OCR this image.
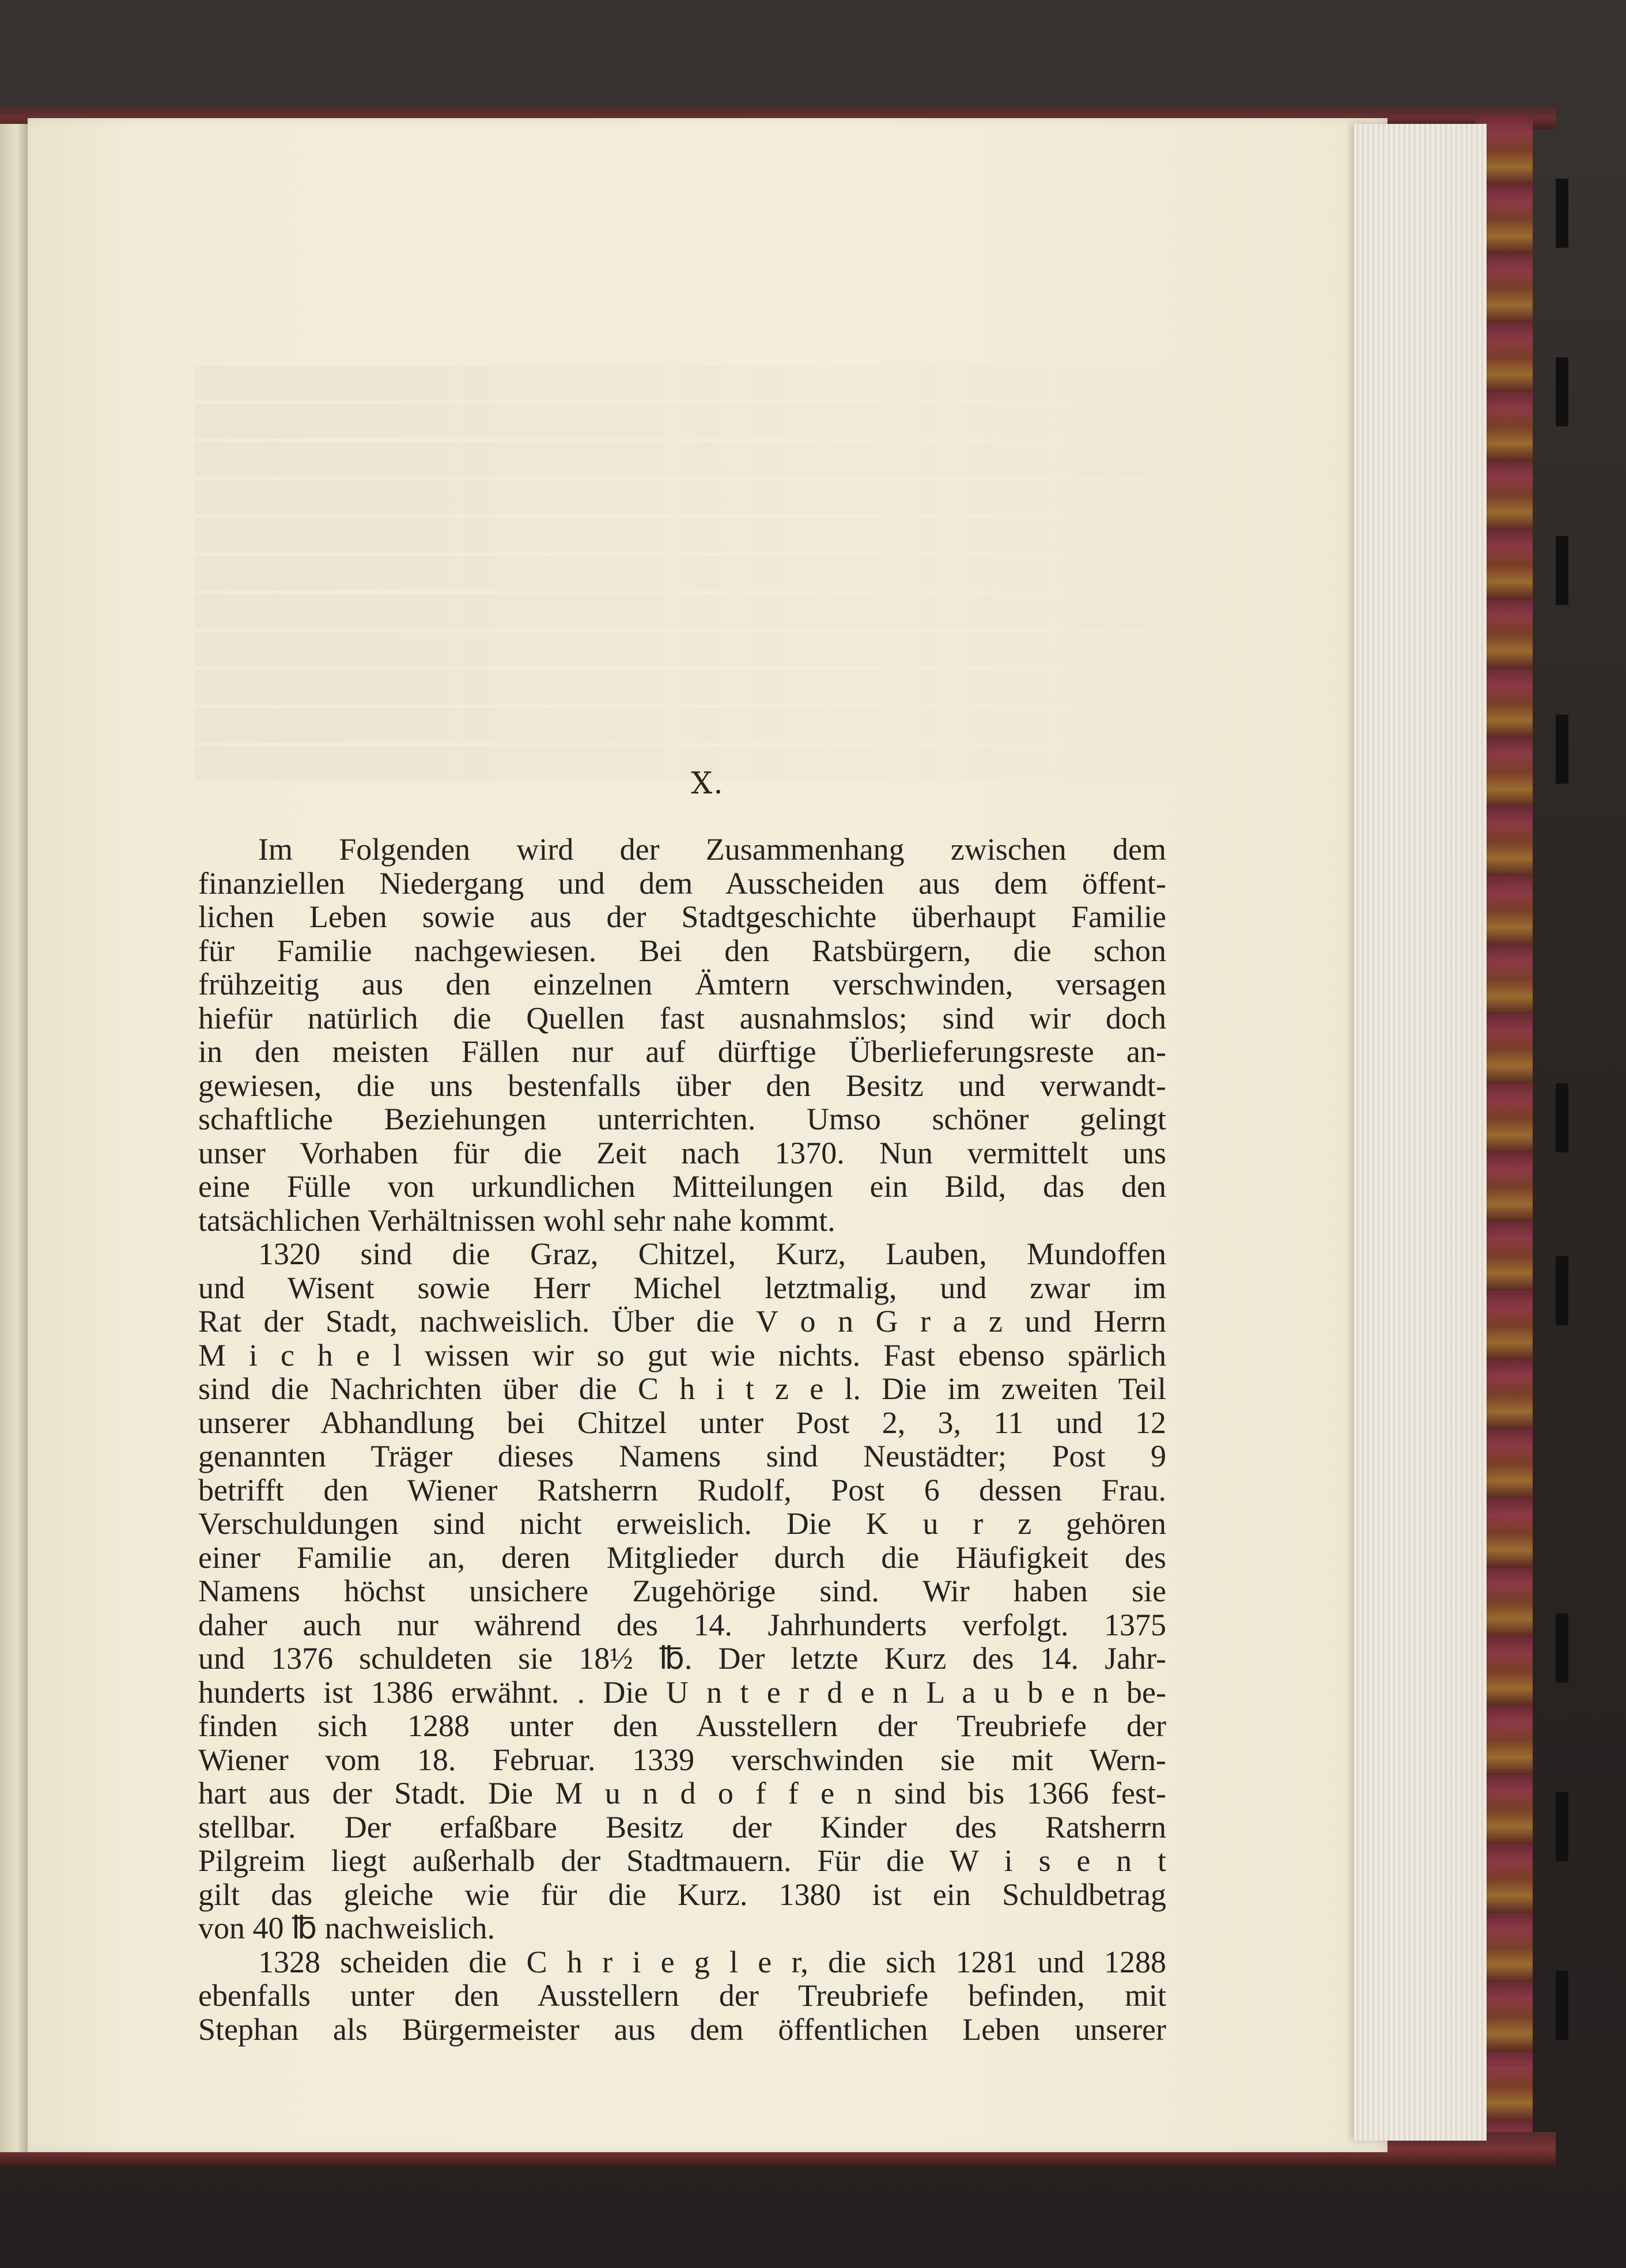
X.
Im Folgenden wird der Zusammenhang zwischen dem
finanziellen Niedergang und dem Ausscheiden aus dem öffent-
lichen Leben sowie aus der Stadtgeschichte überhaupt Familie
für Familie nachgewiesen. Bei den Ratsbürgern, die schon
frühzeitig aus den einzelnen Ämtern verschwinden, versagen
hiefür natürlich die Quellen fast ausnahmslos; sind wir doch
in den meisten Fällen nur auf dürftige Überlieferungsreste an-
gewiesen, die uns bestenfalls über den Besitz und verwandt-
schaftliche Beziehungen unterrichten. Umso schöner gelingt
unser Vorhaben für die Zeit nach 1370. Nun vermittelt uns
eine Fülle von urkundlichen Mitteilungen ein Bild, das den
tatsächlichen Verhältnissen wohl sehr nahe kommt.
1320 sind die Graz, Chitzel, Kurz, Lauben, Mundoffen
und Wisent sowie Herr Michel letztmalig, und zwar im
Rat der Stadt, nachweislich. Über die V o n G r a z und Herrn
M i c h e l wissen wir so gut wie nichts. Fast ebenso spärlich
sind die Nachrichten über die C h i t z e l. Die im zweiten Teil
unserer Abhandlung bei Chitzel unter Post 2, 3, 11 und 12
genannten Träger dieses Namens sind Neustädter; Post 9
betrifft den Wiener Ratsherrn Rudolf, Post 6 dessen Frau.
Verschuldungen sind nicht erweislich. Die K u r z gehören
einer Familie an, deren Mitglieder durch die Häufigkeit des
Namens höchst unsichere Zugehörige sind. Wir haben sie
daher auch nur während des 14. Jahrhunderts verfolgt. 1375
und 1376 schuldeten sie 18½ ℔. Der letzte Kurz des 14. Jahr-
hunderts ist 1386 erwähnt. . Die U n t e r d e n L a u b e n be-
finden sich 1288 unter den Ausstellern der Treubriefe der
Wiener vom 18. Februar. 1339 verschwinden sie mit Wern-
hart aus der Stadt. Die M u n d o f f e n sind bis 1366 fest-
stellbar. Der erfaßbare Besitz der Kinder des Ratsherrn
Pilgreim liegt außerhalb der Stadtmauern. Für die W i s e n t
gilt das gleiche wie für die Kurz. 1380 ist ein Schuldbetrag
von 40 ℔ nachweislich.
1328 scheiden die C h r i e g l e r, die sich 1281 und 1288
ebenfalls unter den Ausstellern der Treubriefe befinden, mit
Stephan als Bürgermeister aus dem öffentlichen Leben unserer
